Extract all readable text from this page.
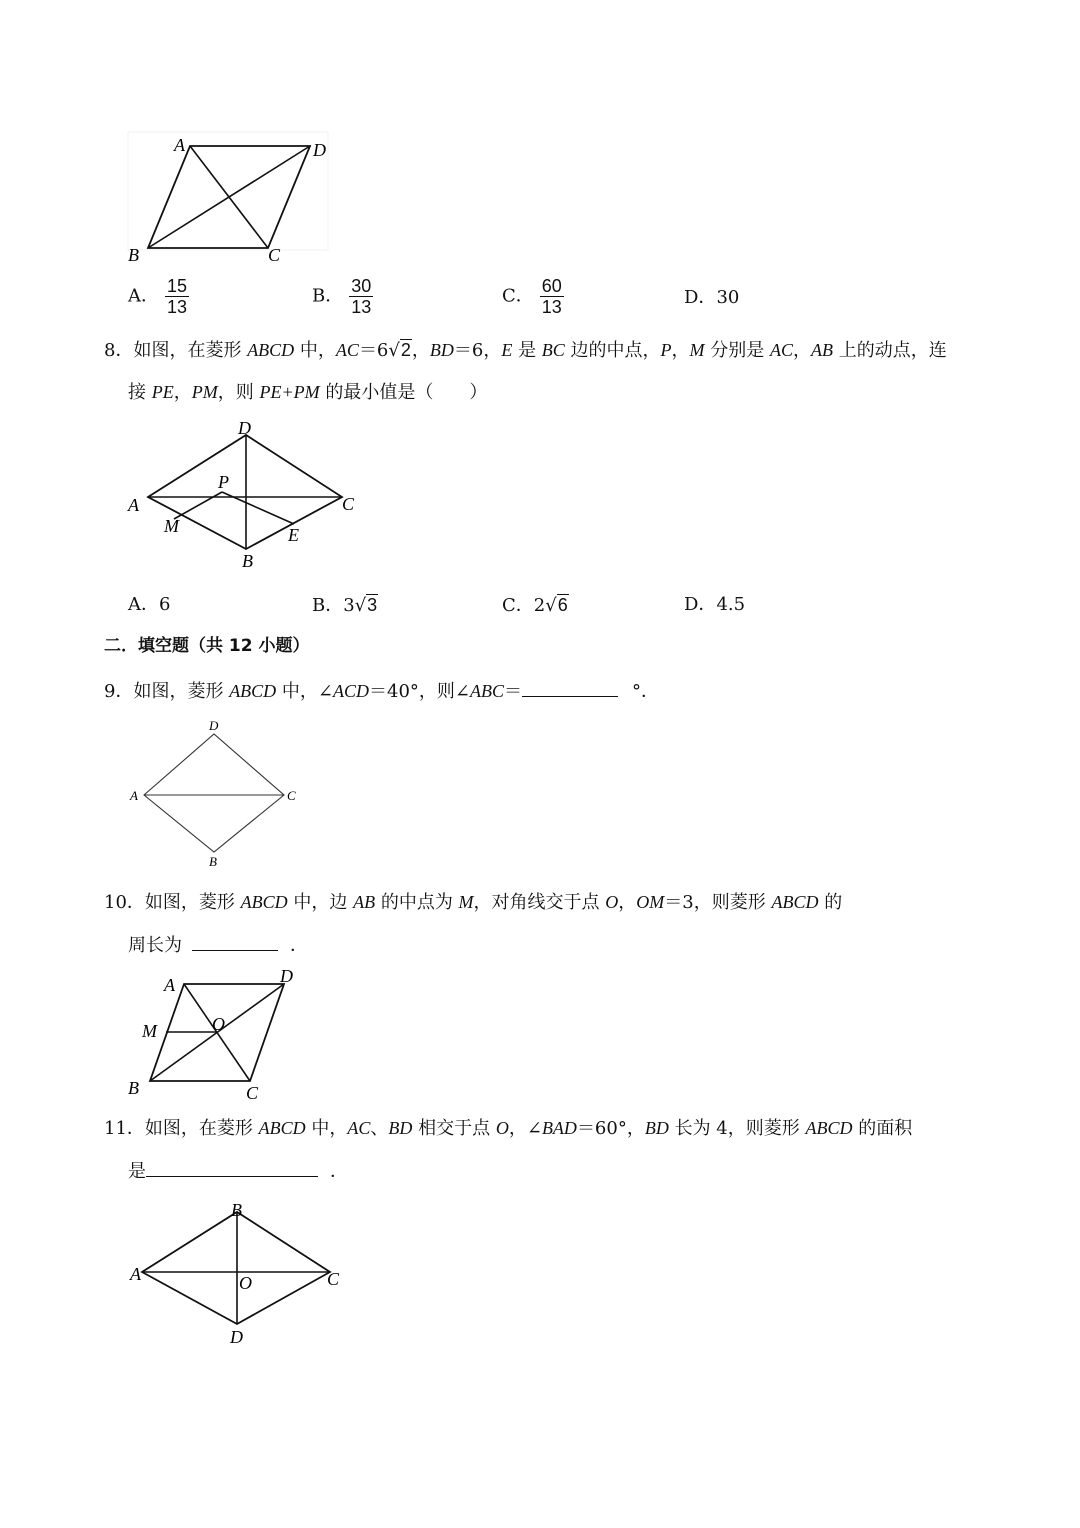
A	D
B	C
A． $\frac{15}{13}$	B． $\frac{30}{13}$	C． $\frac{60}{13}$	D．30
8．如图，在菱形 ABCD 中，AC＝6√2，BD＝6，E 是 BC 边的中点，P，M 分别是 AC，AB 上的动点，连
接 PE，PM，则 PE+PM 的最小值是（　　）
D
A	C
P
M	E
B
A．6	B．3√3	C．2√6	D．4.5
二．填空题（共 12 小题）
9．如图，菱形 ABCD 中，∠ACD＝40°，则∠ABC＝	°．
D
A	C
B
10．如图，菱形 ABCD 中，边 AB 的中点为 M，对角线交于点 O，OM＝3，则菱形 ABCD 的
周长为	．
A	D
M	O
B	C
11．如图，在菱形 ABCD 中，AC、BD 相交于点 O，∠BAD＝60°，BD 长为 4，则菱形 ABCD 的面积
是	．
B
A	C
O
D
